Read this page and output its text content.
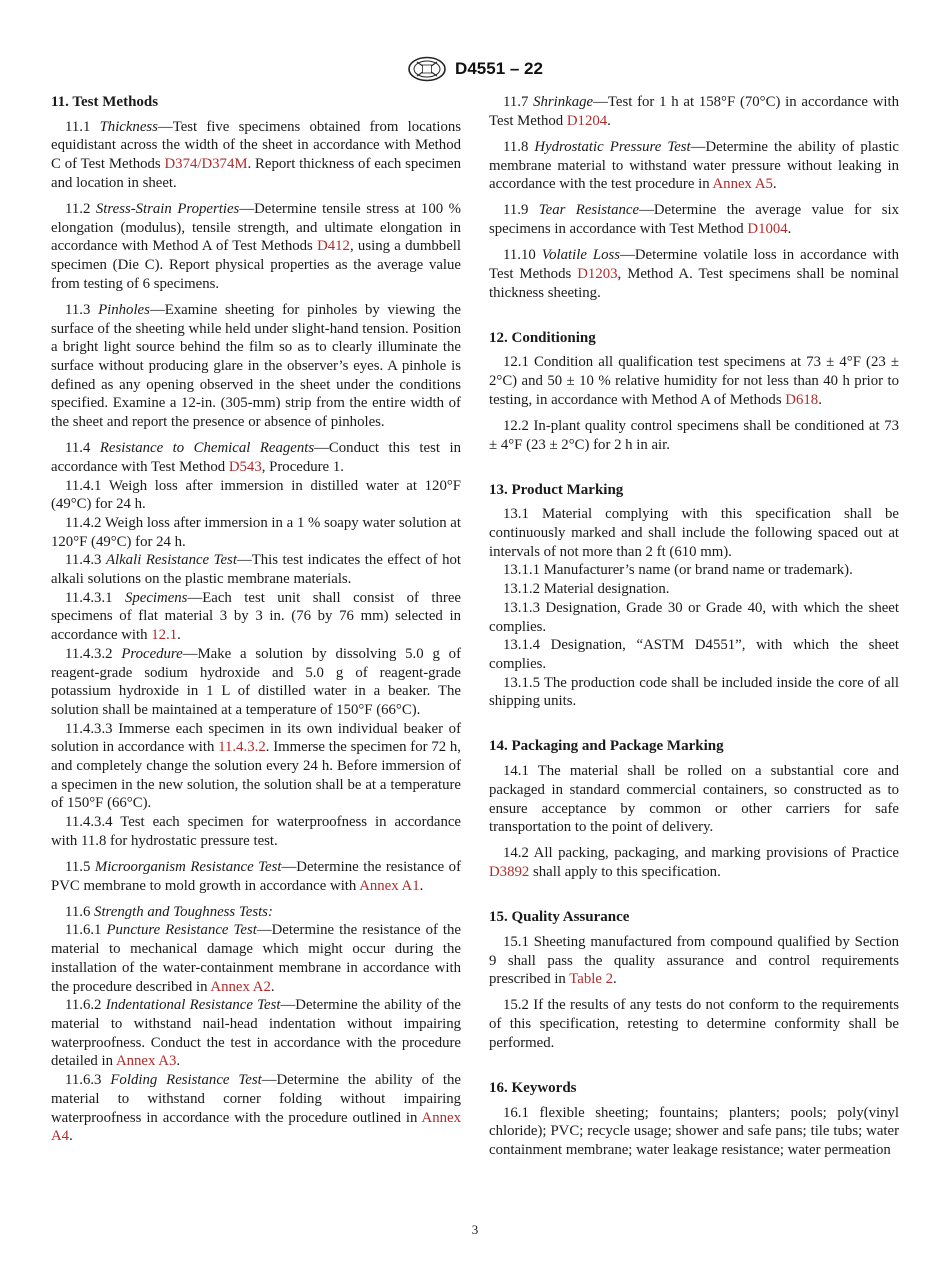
D4551 – 22
11. Test Methods

11.1 Thickness—Test five specimens obtained from locations equidistant across the width of the sheet in accordance with Method C of Test Methods D374/D374M. Report thickness of each specimen and location in sheet.

11.2 Stress-Strain Properties—Determine tensile stress at 100 % elongation (modulus), tensile strength, and ultimate elongation in accordance with Method A of Test Methods D412, using a dumbbell specimen (Die C). Report physical properties as the average value from testing of 6 specimens.

11.3 Pinholes—Examine sheeting for pinholes by viewing the surface of the sheeting while held under slight-hand tension. Position a bright light source behind the film so as to clearly illuminate the surface without producing glare in the observer’s eyes. A pinhole is defined as any opening observed in the sheet under the conditions specified. Examine a 12-in. (305-mm) strip from the entire width of the sheet and report the presence or absence of pinholes.

11.4 Resistance to Chemical Reagents—Conduct this test in accordance with Test Method D543, Procedure 1.

11.4.1 Weigh loss after immersion in distilled water at 120°F (49°C) for 24 h.

11.4.2 Weigh loss after immersion in a 1 % soapy water solution at 120°F (49°C) for 24 h.

11.4.3 Alkali Resistance Test—This test indicates the effect of hot alkali solutions on the plastic membrane materials.

11.4.3.1 Specimens—Each test unit shall consist of three specimens of flat material 3 by 3 in. (76 by 76 mm) selected in accordance with 12.1.

11.4.3.2 Procedure—Make a solution by dissolving 5.0 g of reagent-grade sodium hydroxide and 5.0 g of reagent-grade potassium hydroxide in 1 L of distilled water in a beaker. The solution shall be maintained at a temperature of 150°F (66°C).

11.4.3.3 Immerse each specimen in its own individual beaker of solution in accordance with 11.4.3.2. Immerse the specimen for 72 h, and completely change the solution every 24 h. Before immersion of a specimen in the new solution, the solution shall be at a temperature of 150°F (66°C).

11.4.3.4 Test each specimen for waterproofness in accordance with 11.8 for hydrostatic pressure test.

11.5 Microorganism Resistance Test—Determine the resistance of PVC membrane to mold growth in accordance with Annex A1.

11.6 Strength and Toughness Tests:

11.6.1 Puncture Resistance Test—Determine the resistance of the material to mechanical damage which might occur during the installation of the water-containment membrane in accordance with the procedure described in Annex A2.

11.6.2 Indentational Resistance Test—Determine the ability of the material to withstand nail-head indentation without impairing waterproofness. Conduct the test in accordance with the procedure detailed in Annex A3.

11.6.3 Folding Resistance Test—Determine the ability of the material to withstand corner folding without impairing waterproofness in accordance with the procedure outlined in Annex A4.

11.7 Shrinkage—Test for 1 h at 158°F (70°C) in accordance with Test Method D1204.

11.8 Hydrostatic Pressure Test—Determine the ability of plastic membrane material to withstand water pressure without leaking in accordance with the test procedure in Annex A5.

11.9 Tear Resistance—Determine the average value for six specimens in accordance with Test Method D1004.

11.10 Volatile Loss—Determine volatile loss in accordance with Test Methods D1203, Method A. Test specimens shall be nominal thickness sheeting.

12. Conditioning

12.1 Condition all qualification test specimens at 73 ± 4°F (23 ± 2°C) and 50 ± 10 % relative humidity for not less than 40 h prior to testing, in accordance with Method A of Methods D618.

12.2 In-plant quality control specimens shall be conditioned at 73 ± 4°F (23 ± 2°C) for 2 h in air.

13. Product Marking

13.1 Material complying with this specification shall be continuously marked and shall include the following spaced out at intervals of not more than 2 ft (610 mm).

13.1.1 Manufacturer’s name (or brand name or trademark).

13.1.2 Material designation.

13.1.3 Designation, Grade 30 or Grade 40, with which the sheet complies.

13.1.4 Designation, “ASTM D4551”, with which the sheet complies.

13.1.5 The production code shall be included inside the core of all shipping units.

14. Packaging and Package Marking

14.1 The material shall be rolled on a substantial core and packaged in standard commercial containers, so constructed as to ensure acceptance by common or other carriers for safe transportation to the point of delivery.

14.2 All packing, packaging, and marking provisions of Practice D3892 shall apply to this specification.

15. Quality Assurance

15.1 Sheeting manufactured from compound qualified by Section 9 shall pass the quality assurance and control requirements prescribed in Table 2.

15.2 If the results of any tests do not conform to the requirements of this specification, retesting to determine conformity shall be performed.

16. Keywords

16.1 flexible sheeting; fountains; planters; pools; poly(vinyl chloride); PVC; recycle usage; shower and safe pans; tile tubs; water containment membrane; water leakage resistance; water permeation

3
